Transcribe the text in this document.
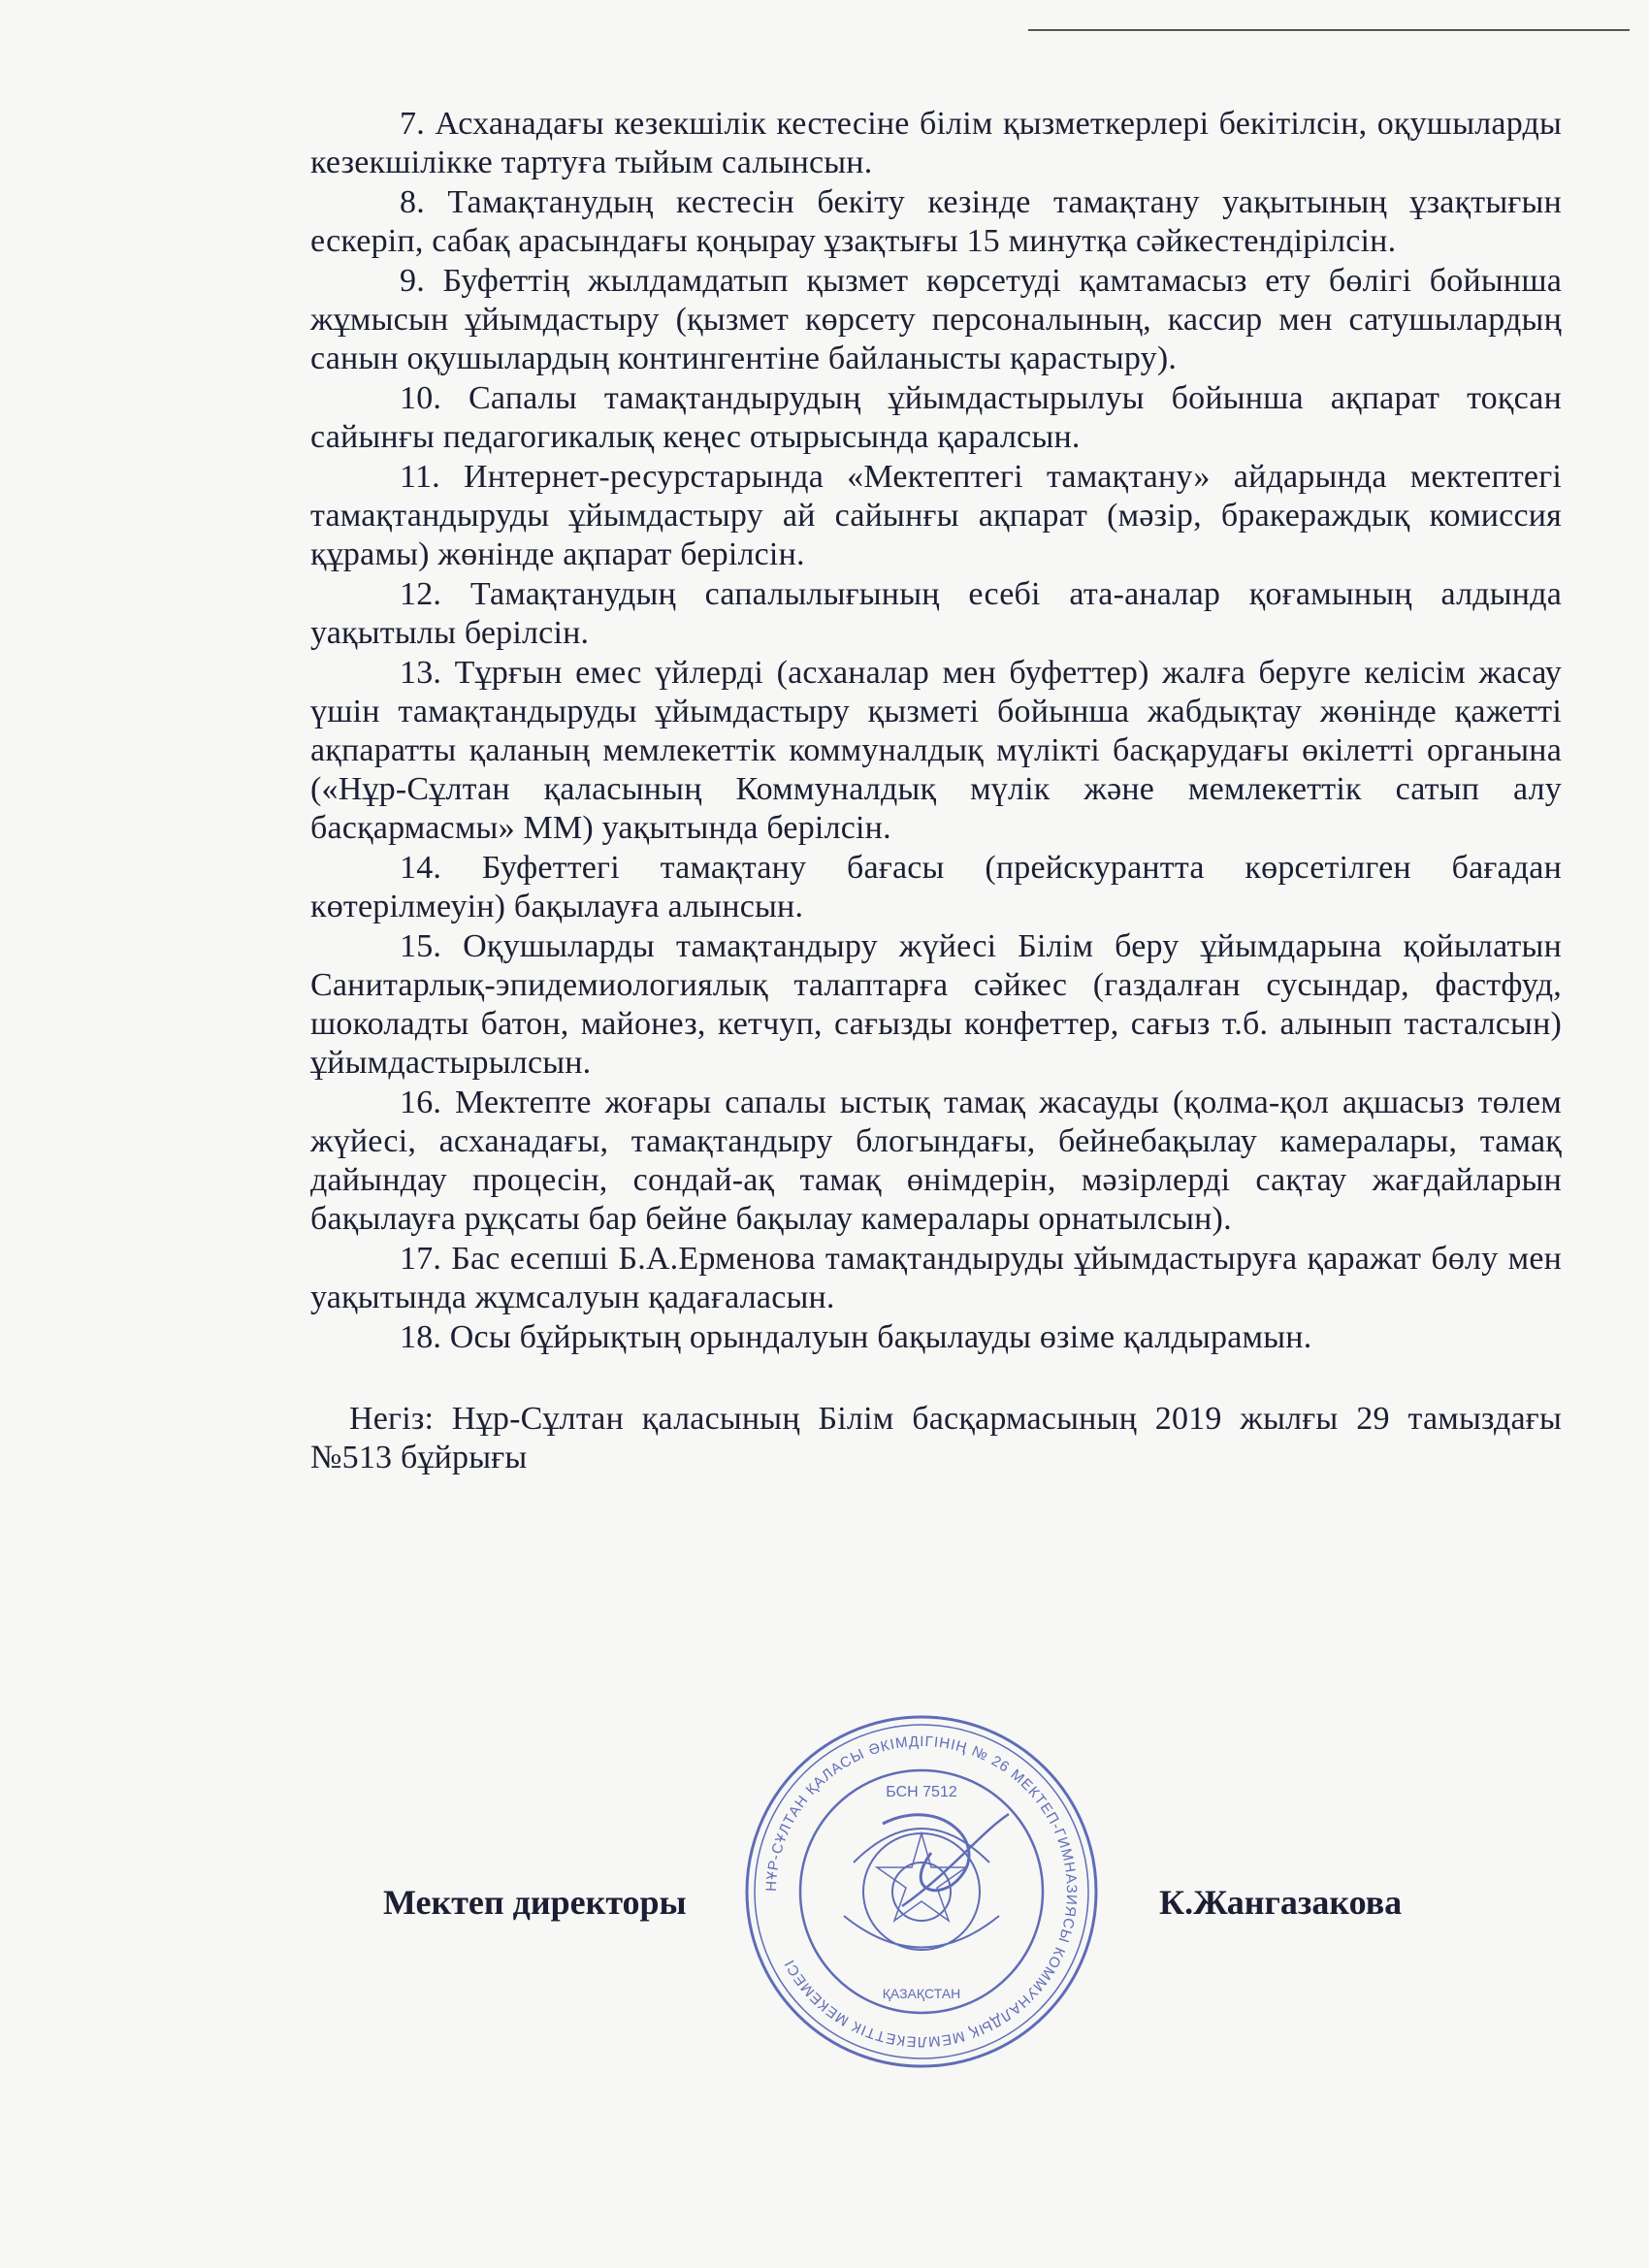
7. Асханадағы кезекшілік кестесіне білім қызметкерлері бекітілсін, оқушыларды кезекшілікке тартуға тыйым салынсын.

8. Тамақтанудың кестесін бекіту кезінде тамақтану уақытының ұзақтығын ескеріп, сабақ арасындағы қоңырау ұзақтығы 15 минутқа сәйкестендірілсін.

9. Буфеттің жылдамдатып қызмет көрсетуді қамтамасыз ету бөлігі бойынша жұмысын ұйымдастыру (қызмет көрсету персоналының, кассир мен сатушылардың санын оқушылардың контингентіне байланысты қарастыру).

10. Сапалы тамақтандырудың ұйымдастырылуы бойынша ақпарат тоқсан сайынғы педагогикалық кеңес отырысында қаралсын.

11. Интернет-ресурстарында «Мектептегі тамақтану» айдарында мектептегі тамақтандыруды ұйымдастыру ай сайынғы ақпарат (мәзір, бракераждық комиссия құрамы) жөнінде ақпарат берілсін.

12. Тамақтанудың сапалылығының есебі ата-аналар қоғамының алдында уақытылы берілсін.

13. Тұрғын емес үйлерді (асханалар мен буфеттер) жалға беруге келісім жасау үшін тамақтандыруды ұйымдастыру қызметі бойынша жабдықтау жөнінде қажетті ақпаратты қаланың мемлекеттік коммуналдық мүлікті басқарудағы өкілетті органына («Нұр-Сұлтан қаласының Коммуналдық мүлік және мемлекеттік сатып алу басқармасмы» ММ) уақытында берілсін.

14. Буфеттегі тамақтану бағасы (прейскурантта көрсетілген бағадан көтерілмеуін) бақылауға алынсын.

15. Оқушыларды тамақтандыру жүйесі Білім беру ұйымдарына қойылатын Санитарлық-эпидемиологиялық талаптарға сәйкес (газдалған сусындар, фастфуд, шоколадты батон, майонез, кетчуп, сағызды конфеттер, сағыз т.б. алынып тасталсын) ұйымдастырылсын.

16. Мектепте жоғары сапалы ыстық тамақ жасауды (қолма-қол ақшасыз төлем жүйесі, асханадағы, тамақтандыру блогындағы, бейнебақылау камералары, тамақ дайындау процесін, сондай-ақ тамақ өнімдерін, мәзірлерді сақтау жағдайларын бақылауға рұқсаты бар бейне бақылау камералары орнатылсын).

17. Бас есепші Б.А.Ерменова тамақтандыруды ұйымдастыруға қаражат бөлу мен уақытында жұмсалуын қадағаласын.

18. Осы бұйрықтың орындалуын бақылауды өзіме қалдырамын.

Негіз: Нұр-Сұлтан қаласының Білім басқармасының 2019 жылғы 29 тамыздағы №513 бұйрығы

Мектеп директоры	К.Жангазакова
НҰР-СҰЛТАН ҚАЛАСЫ ӘКІМДІГІНІҢ № 26 МЕКТЕП-ГИМНАЗИЯСЫ КОММУНАЛДЫҚ МЕМЛЕКЕТТІК МЕКЕМЕСІ
БСН 7512
ҚАЗАҚСТАН
